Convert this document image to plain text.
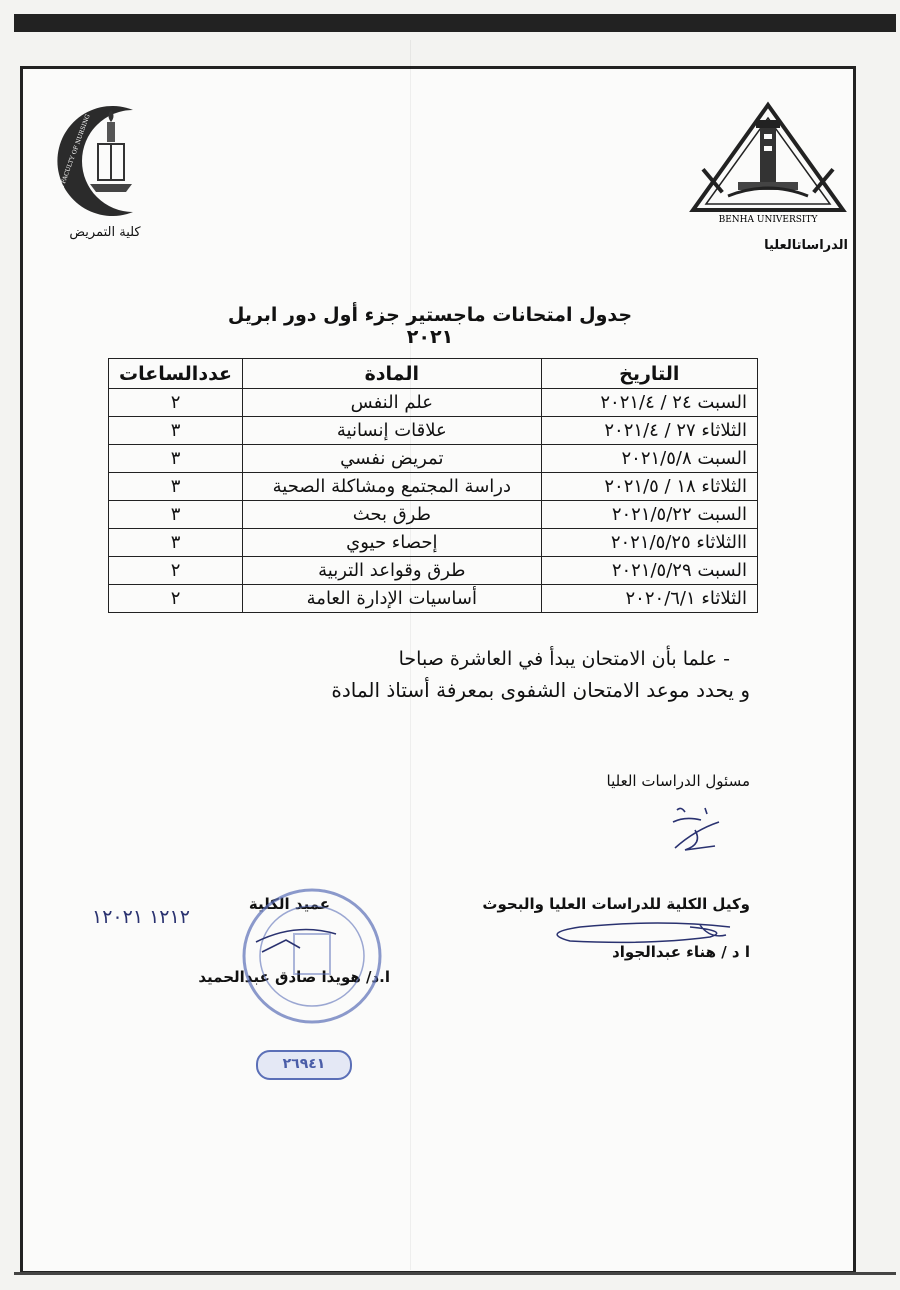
BENHA UNIVERSITY
الدراساتالعليا
BENHA FACULTY OF NURSING
كلية التمريض
جدول امتحانات ماجستير جزء أول دور ابريل ٢٠٢١
التاريخ	المادة	عددالساعات
السبت ٢٤ / ٢٠٢١/٤	علم النفس	٢
الثلاثاء ٢٧ / ٢٠٢١/٤	علاقات إنسانية	٣
السبت ٢٠٢١/٥/٨	تمريض نفسي	٣
الثلاثاء ١٨ / ٢٠٢١/٥	دراسة المجتمع ومشاكلة الصحية	٣
السبت ٢٠٢١/٥/٢٢	طرق بحث	٣
االثلاثاء ٢٠٢١/٥/٢٥	إحصاء حيوي	٣
السبت ٢٠٢١/٥/٢٩	طرق وقواعد التربية	٢
الثلاثاء ٢٠٢٠/٦/١	أساسيات الإدارة العامة	٢
- علما بأن الامتحان يبدأ في العاشرة صباحا
و يحدد موعد الامتحان الشفوى بمعرفة أستاذ المادة
مسئول الدراسات العليا
وكيل الكلية للدراسات العليا والبحوث
ا د / هناء عبدالجواد
عميد الكلية
ا.د/ هويدا صادق عبدالحميد
١٢١٢ ١٢٠٢١
٢٦٩٤١
